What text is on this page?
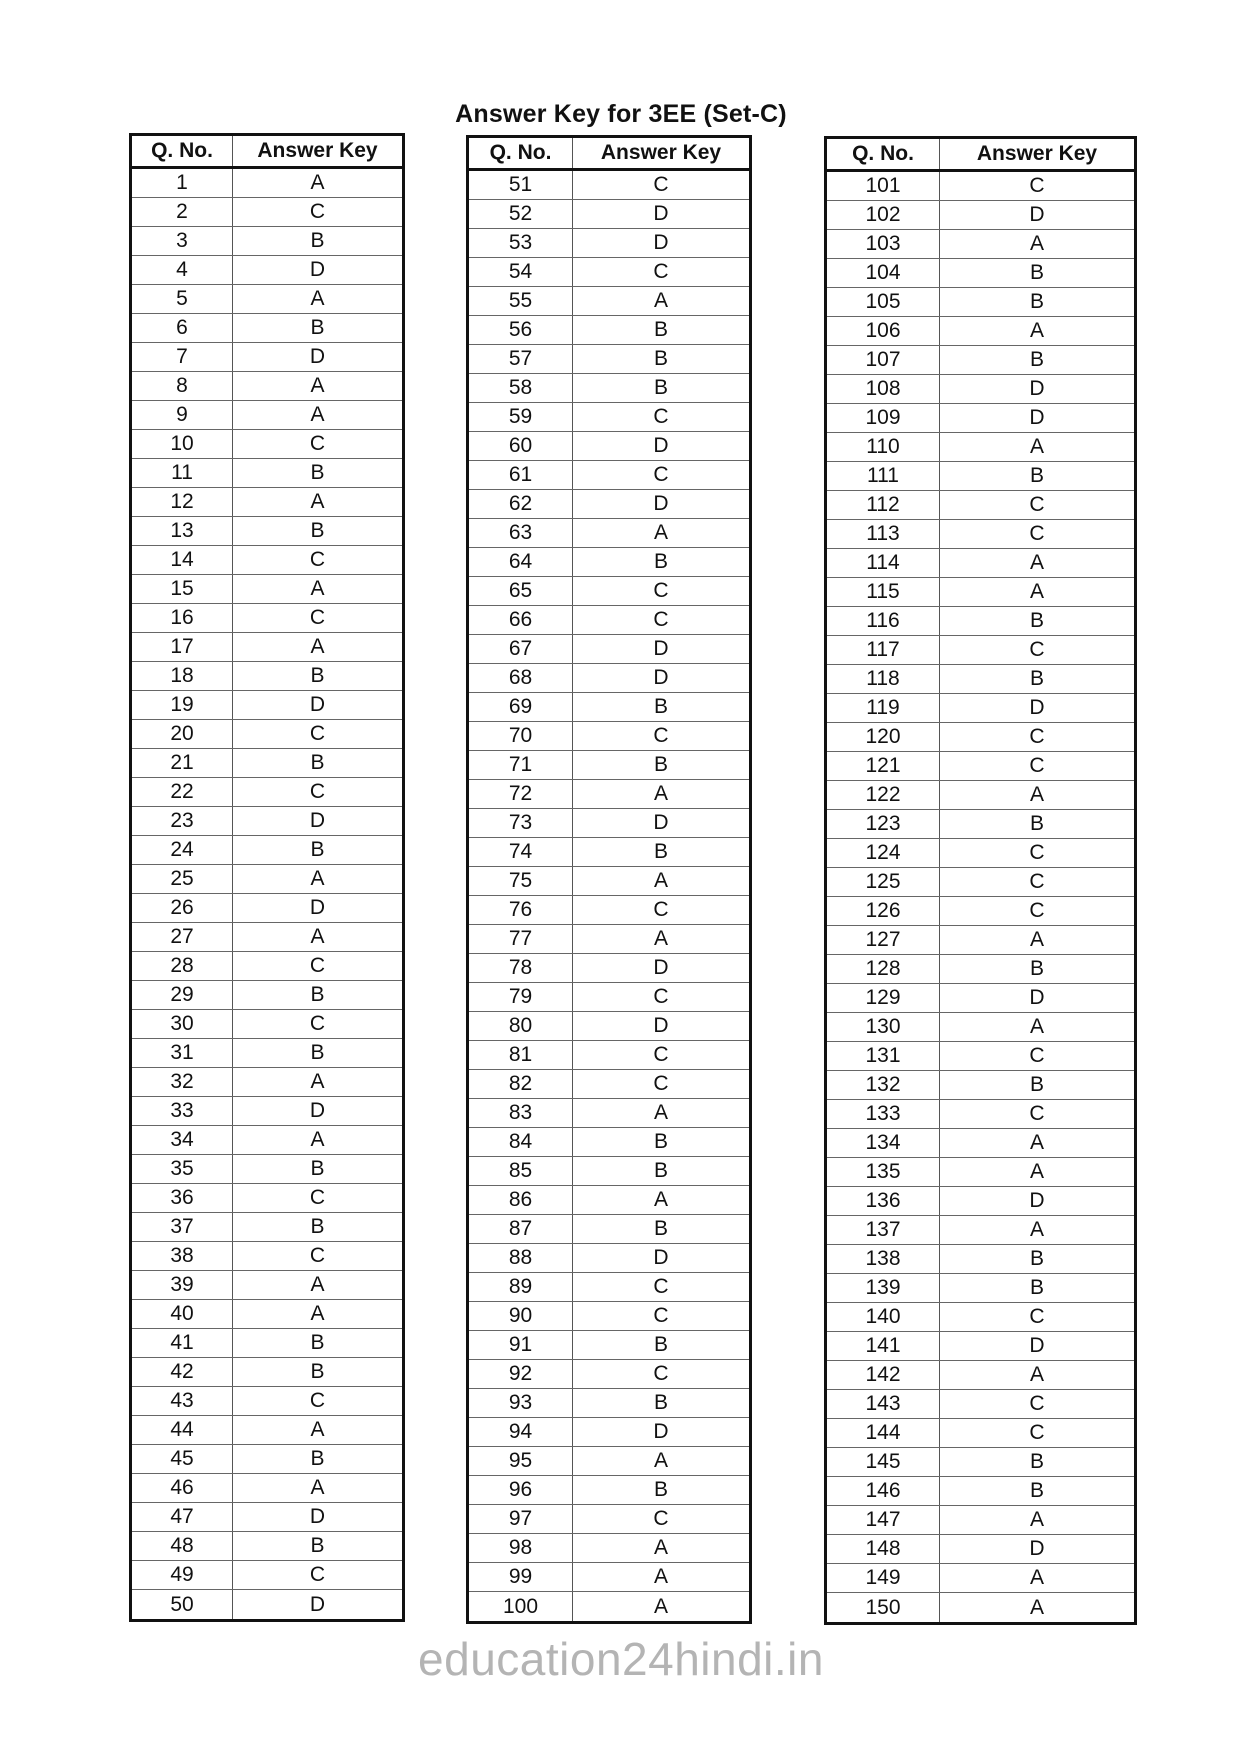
Answer Key for 3EE (Set-C)
Q. No.	Answer Key
1	A
2	C
3	B
4	D
5	A
6	B
7	D
8	A
9	A
10	C
11	B
12	A
13	B
14	C
15	A
16	C
17	A
18	B
19	D
20	C
21	B
22	C
23	D
24	B
25	A
26	D
27	A
28	C
29	B
30	C
31	B
32	A
33	D
34	A
35	B
36	C
37	B
38	C
39	A
40	A
41	B
42	B
43	C
44	A
45	B
46	A
47	D
48	B
49	C
50	D
Q. No.	Answer Key
51	C
52	D
53	D
54	C
55	A
56	B
57	B
58	B
59	C
60	D
61	C
62	D
63	A
64	B
65	C
66	C
67	D
68	D
69	B
70	C
71	B
72	A
73	D
74	B
75	A
76	C
77	A
78	D
79	C
80	D
81	C
82	C
83	A
84	B
85	B
86	A
87	B
88	D
89	C
90	C
91	B
92	C
93	B
94	D
95	A
96	B
97	C
98	A
99	A
100	A
Q. No.	Answer Key
101	C
102	D
103	A
104	B
105	B
106	A
107	B
108	D
109	D
110	A
111	B
112	C
113	C
114	A
115	A
116	B
117	C
118	B
119	D
120	C
121	C
122	A
123	B
124	C
125	C
126	C
127	A
128	B
129	D
130	A
131	C
132	B
133	C
134	A
135	A
136	D
137	A
138	B
139	B
140	C
141	D
142	A
143	C
144	C
145	B
146	B
147	A
148	D
149	A
150	A
education24hindi.in
